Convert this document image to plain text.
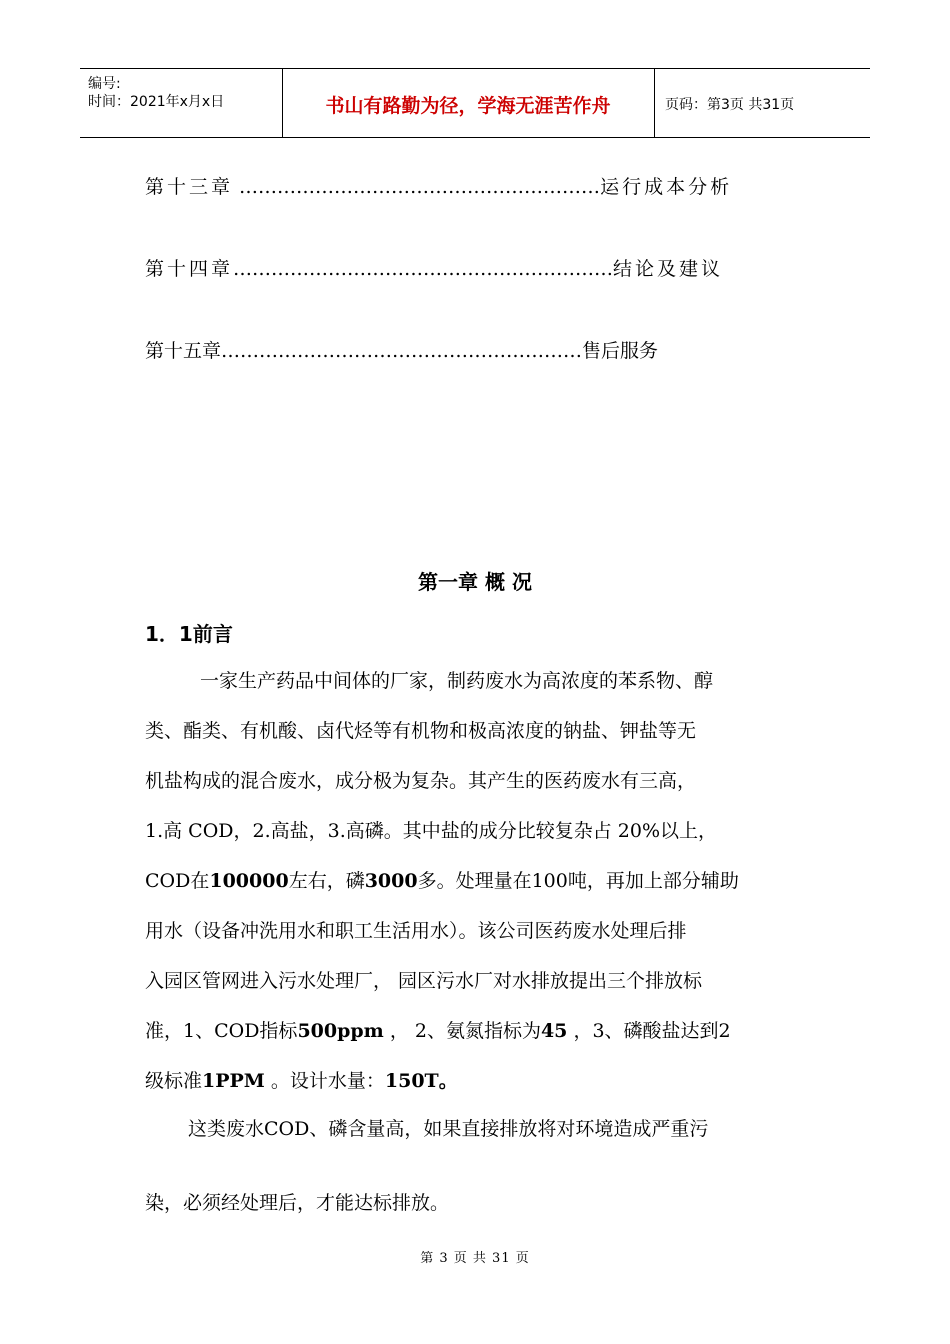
编号:
时间：2021年x月x日	书山有路勤为径，学海无涯苦作舟	页码：第3页 共31页
第十三章 …………………………………………………运行成本分析
第十四章……………………………………………………结论及建议
第十五章…………………………………………………售后服务
第一章 概 况
1．1前言
一家生产药品中间体的厂家，制药废水为高浓度的苯系物、醇
类、酯类、有机酸、卤代烃等有机物和极高浓度的钠盐、钾盐等无
机盐构成的混合废水，成分极为复杂。其产生的医药废水有三高，
1.高 COD，2.高盐，3.高磷。其中盐的成分比较复杂占 20%以上，
COD在100000左右，磷3000多。处理量在100吨，再加上部分辅助
用水（设备冲洗用水和职工生活用水）。该公司医药废水处理后排
入园区管网进入污水处理厂， 园区污水厂对水排放提出三个排放标
准，1、COD指标500ppm ， 2、氨氮指标为45 ，3、磷酸盐达到2
级标准1PPM 。设计水量：150T。
这类废水COD、磷含量高，如果直接排放将对环境造成严重污
染，必须经处理后，才能达标排放。
第 3 页 共 31 页
